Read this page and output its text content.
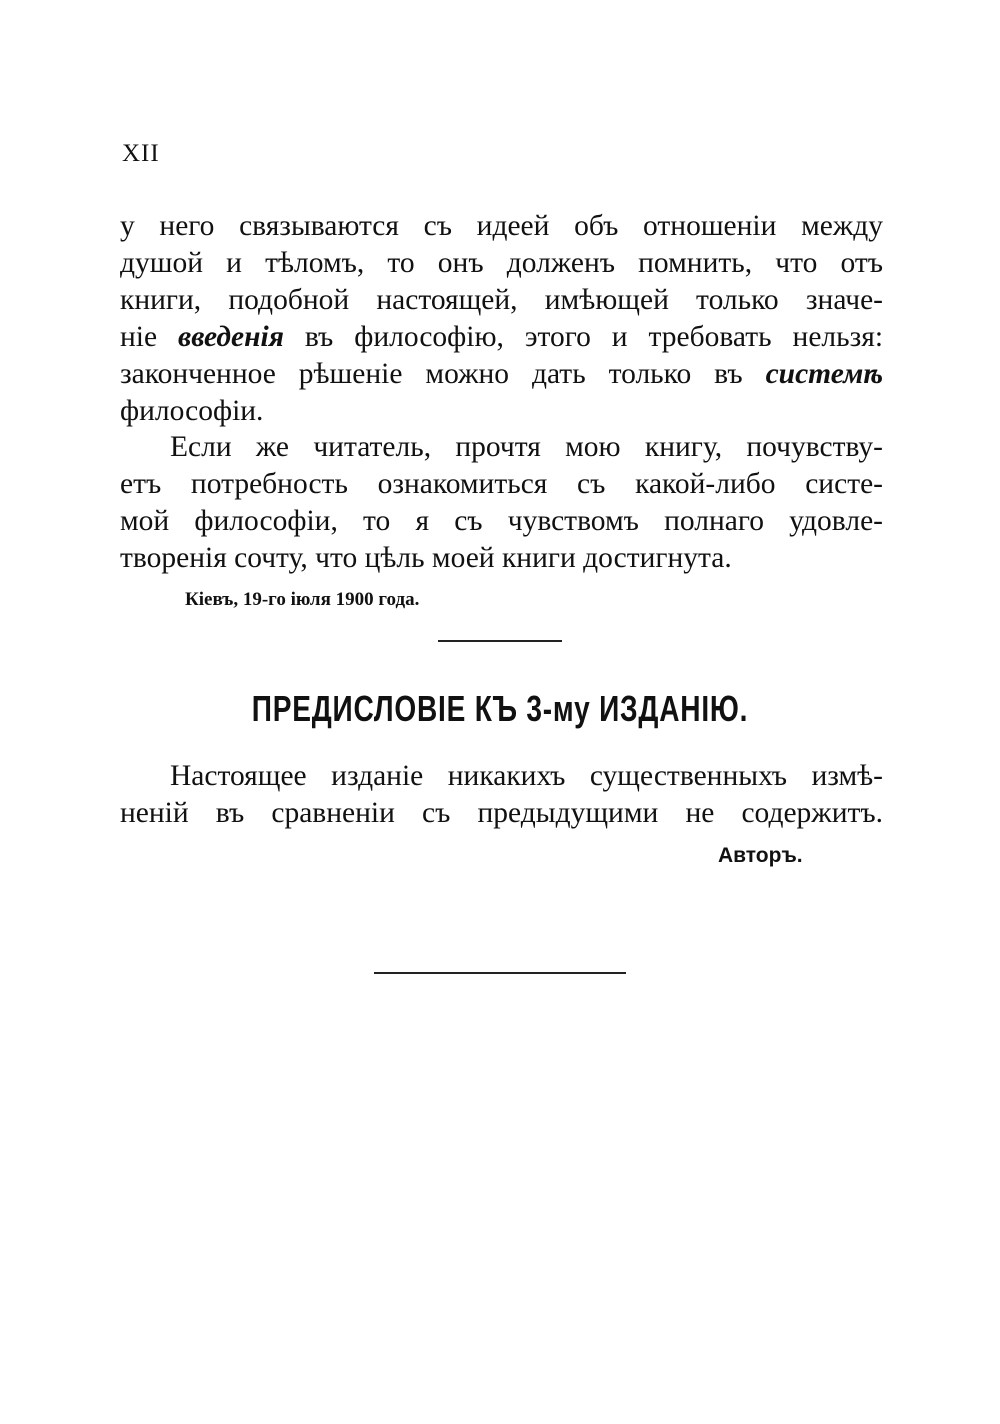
XII
у него связываются съ идеей объ отношеніи между
душой и тѣломъ, то онъ долженъ помнить, что отъ
книги, подобной настоящей, имѣющей только значе-
ніе введенія въ философію, этого и требовать нельзя:
законченное рѣшеніе можно дать только въ системѣ
философіи.
Если же читатель, прочтя мою книгу, почувству-
етъ потребность ознакомиться съ какой-либо систе-
мой философіи, то я съ чувствомъ полнаго удовле-
творенія сочту, что цѣль моей книги достигнута.
Кіевъ, 19-го іюля 1900 года.
ПРЕДИСЛОВІЕ КЪ 3-му ИЗДАНІЮ.
Настоящее изданіе никакихъ существенныхъ измѣ-
неній въ сравненіи съ предыдущими не содержитъ.
Авторъ.
